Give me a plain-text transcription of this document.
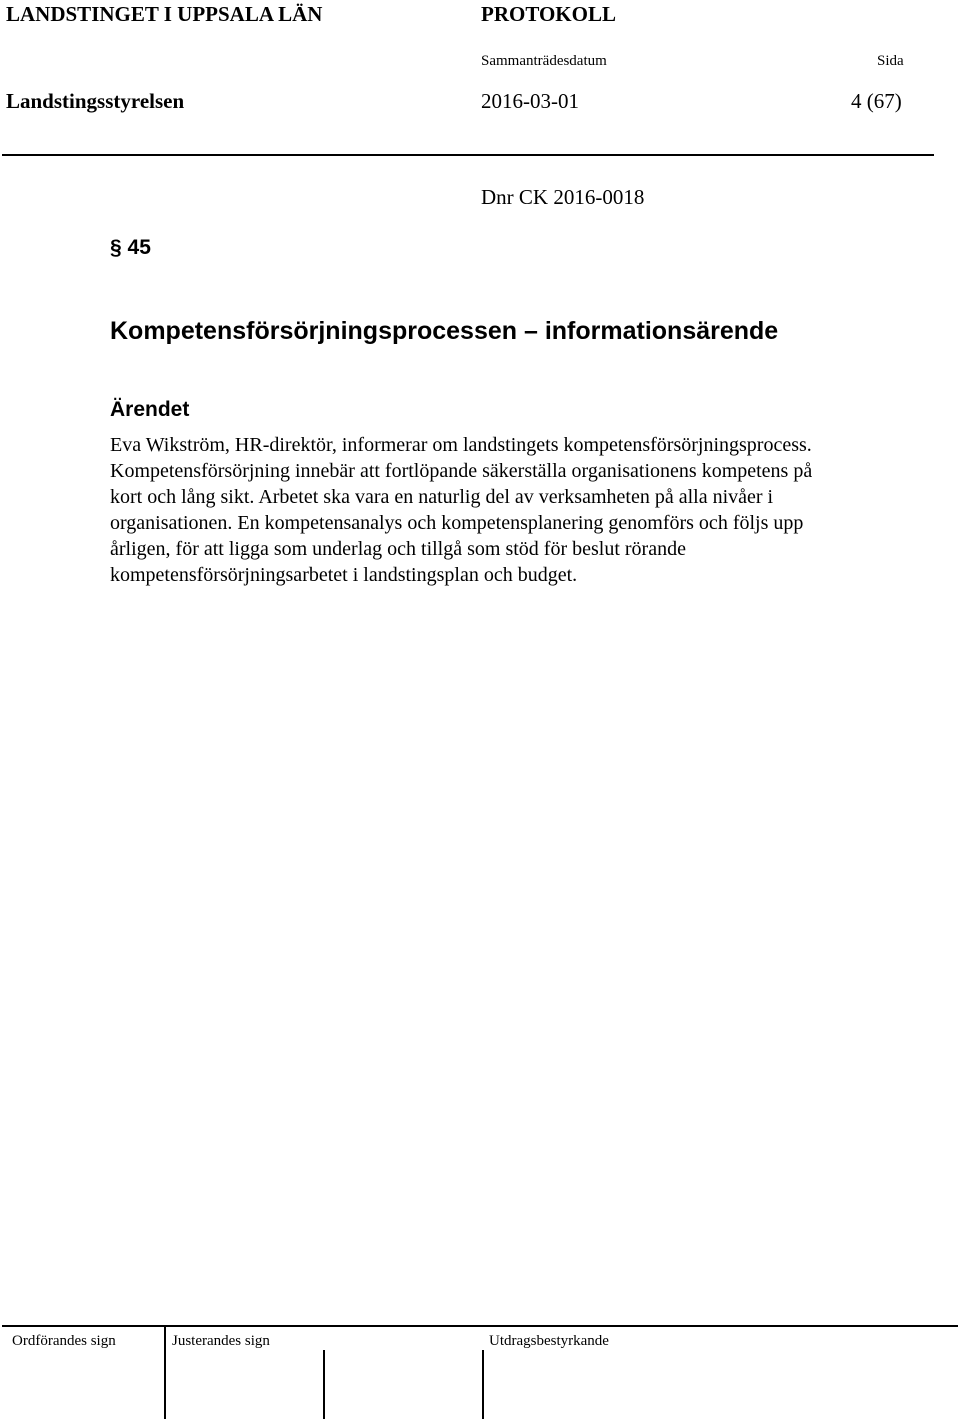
LANDSTINGET I UPPSALA LÄN	PROTOKOLL
Sammanträdesdatum	Sida
Landstingsstyrelsen	2016-03-01	4 (67)
Dnr CK 2016-0018
§ 45
Kompetensförsörjningsprocessen – informationsärende
Ärendet
Eva Wikström, HR-direktör, informerar om landstingets kompetensförsörjningsprocess.
Kompetensförsörjning innebär att fortlöpande säkerställa organisationens kompetens på
kort och lång sikt. Arbetet ska vara en naturlig del av verksamheten på alla nivåer i
organisationen. En kompetensanalys och kompetensplanering genomförs och följs upp
årligen, för att ligga som underlag och tillgå som stöd för beslut rörande
kompetensförsörjningsarbetet i landstingsplan och budget.
Ordförandes sign	Justerandes sign	Utdragsbestyrkande
